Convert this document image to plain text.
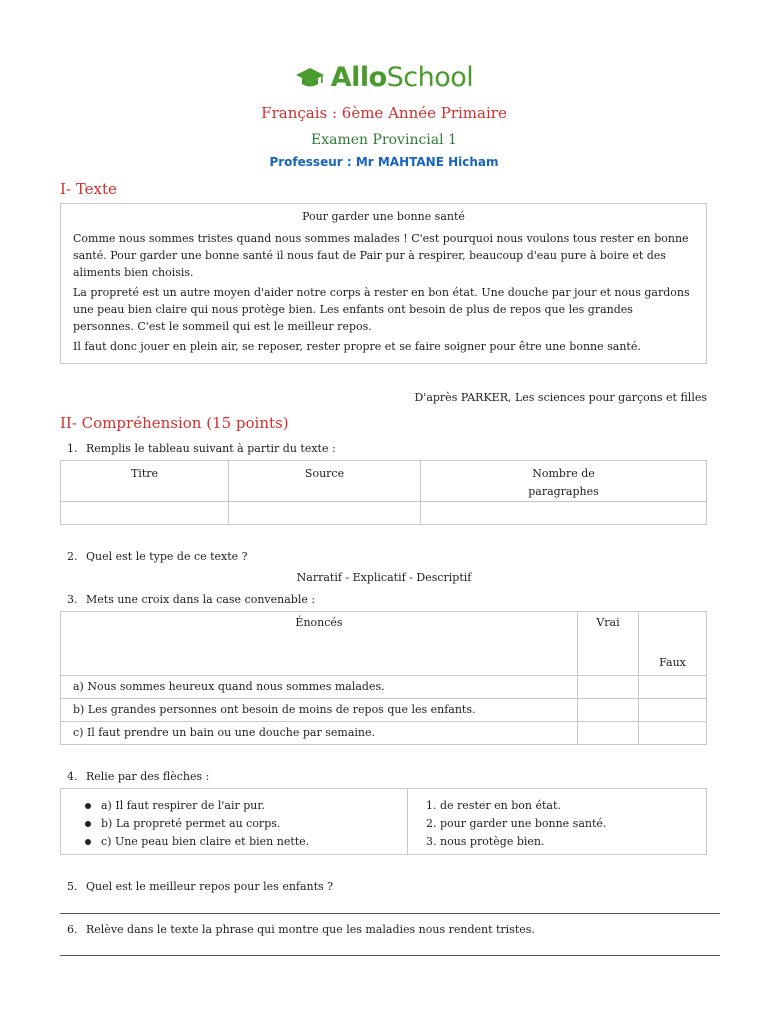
AlloSchool
Français : 6ème Année Primaire
Examen Provincial 1
Professeur : Mr MAHTANE Hicham
I- Texte
Pour garder une bonne santé

Comme nous sommes tristes quand nous sommes malades ! C'est pourquoi nous voulons tous rester en bonne santé. Pour garder une bonne santé il nous faut de Pair pur à respirer, beaucoup d'eau pure à boire et des aliments bien choisis.

La propreté est un autre moyen d'aider notre corps à rester en bon état. Une douche par jour et nous gardons une peau bien claire qui nous protège bien. Les enfants ont besoin de plus de repos que les grandes personnes. C'est le sommeil qui est le meilleur repos.

Il faut donc jouer en plein air, se reposer, rester propre et se faire soigner pour être une bonne santé.

D'après PARKER, Les sciences pour garçons et filles
II- Compréhension (15 points)
1. Remplis le tableau suivant à partir du texte :
Titre	Source	Nombre de
paragraphes

2. Quel est le type de ce texte ?
Narratif - Explicatif - Descriptif
3. Mets une croix dans la case convenable :
Énoncés	Vrai	Faux
a) Nous sommes heureux quand nous sommes malades.		
b) Les grandes personnes ont besoin de moins de repos que les enfants.		
c) Il faut prendre un bain ou une douche par semaine.		
4. Relie par des flèches :
a) Il faut respirer de l'air pur.
b) La propreté permet au corps.
c) Une peau bien claire et bien nette.
1. de rester en bon état.
2. pour garder une bonne santé.
3. nous protège bien.
5. Quel est le meilleur repos pour les enfants ?
6. Relève dans le texte la phrase qui montre que les maladies nous rendent tristes.
